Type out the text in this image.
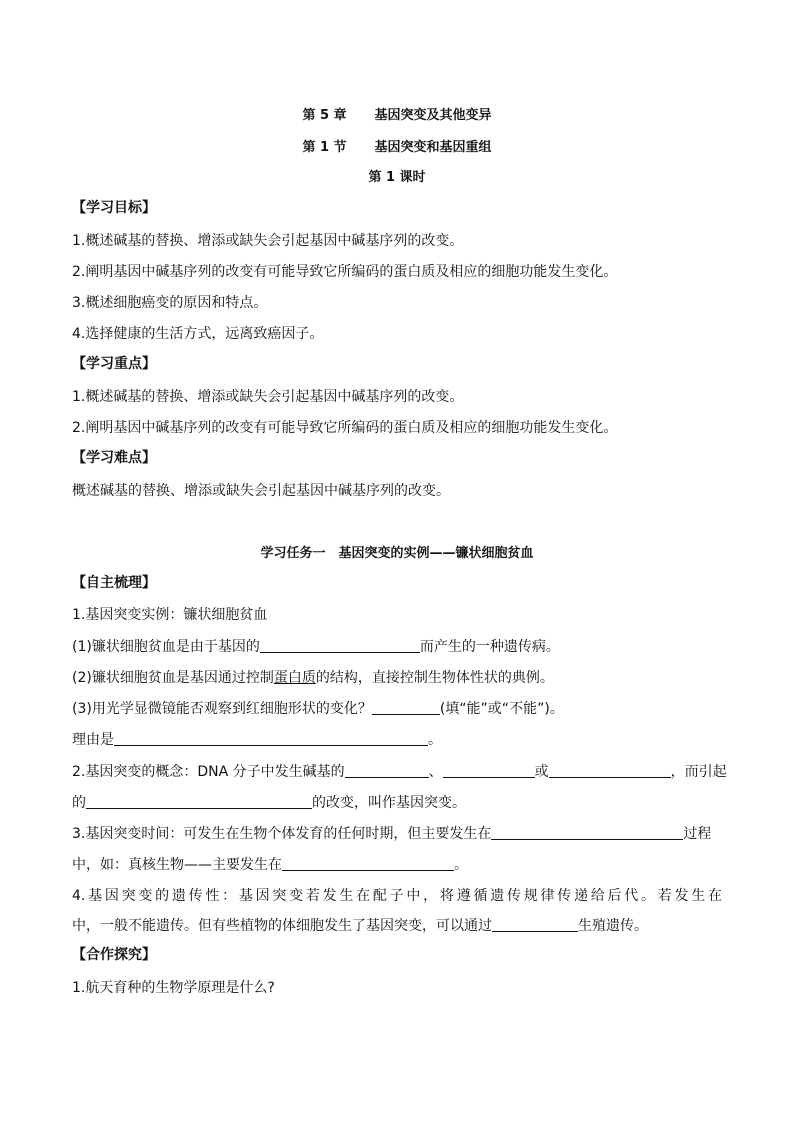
第 5 章 基因突变及其他变异
第 1 节 基因突变和基因重组
第 1 课时
【学习目标】
1.概述碱基的替换、增添或缺失会引起基因中碱基序列的改变。
2.阐明基因中碱基序列的改变有可能导致它所编码的蛋白质及相应的细胞功能发生变化。
3.概述细胞癌变的原因和特点。
4.选择健康的生活方式，远离致癌因子。
【学习重点】
1.概述碱基的替换、增添或缺失会引起基因中碱基序列的改变。
2.阐明基因中碱基序列的改变有可能导致它所编码的蛋白质及相应的细胞功能发生变化。
【学习难点】
概述碱基的替换、增添或缺失会引起基因中碱基序列的改变。
学习任务一　基因突变的实例——镰状细胞贫血
【自主梳理】
1.基因突变实例：镰状细胞贫血
(1)镰状细胞贫血是由于基因的	而产生的一种遗传病。
(2)镰状细胞贫血是基因通过控制蛋白质的结构，直接控制生物体性状的典例。
(3)用光学显微镜能否观察到红细胞形状的变化？	(填“能”或“不能”)。
理由是	。
2.基因突变的概念：DNA 分子中发生碱基的	、	或	，而引起
的	的改变，叫作基因突变。
3.基因突变时间：可发生在生物个体发育的任何时期，但主要发生在	过程
中，如：真核生物——主要发生在	。
4.基因突变的遗传性：基因突变若发生在配子中，将遵循遗传规律传递给后代。若发生在
中，一般不能遗传。但有些植物的体细胞发生了基因突变，可以通过	生殖遗传。
【合作探究】
1.航天育种的生物学原理是什么?
